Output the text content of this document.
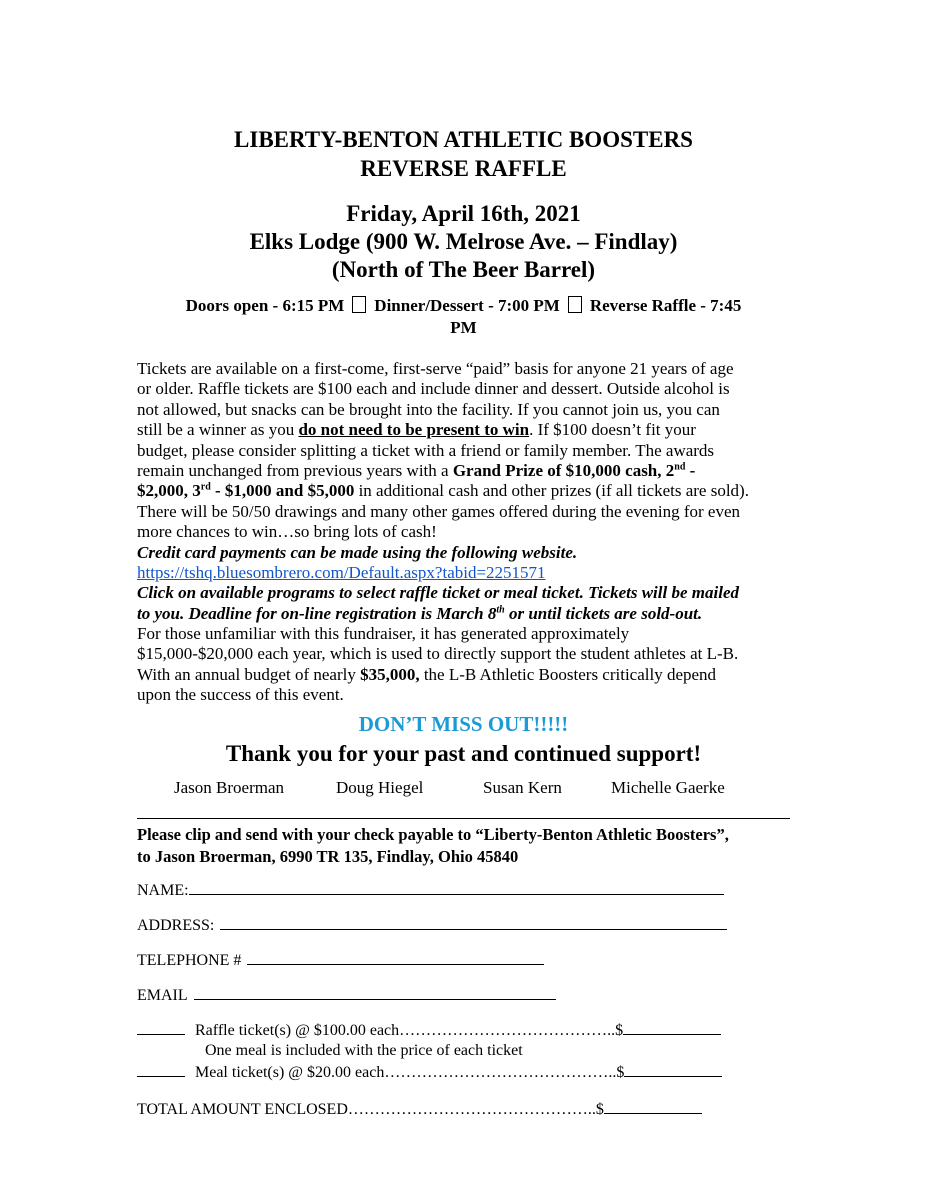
LIBERTY-BENTON ATHLETIC BOOSTERS
REVERSE RAFFLE
Friday, April 16th, 2021
Elks Lodge (900 W. Melrose Ave. – Findlay)
(North of The Beer Barrel)
Doors open - 6:15 PM Dinner/Dessert - 7:00 PM Reverse Raffle - 7:45
PM
Tickets are available on a first-come, first-serve “paid” basis for anyone 21 years of age
or older. Raffle tickets are $100 each and include dinner and dessert. Outside alcohol is
not allowed, but snacks can be brought into the facility. If you cannot join us, you can
still be a winner as you do not need to be present to win. If $100 doesn’t fit your
budget, please consider splitting a ticket with a friend or family member. The awards
remain unchanged from previous years with a Grand Prize of $10,000 cash, 2nd -
$2,000, 3rd - $1,000 and $5,000 in additional cash and other prizes (if all tickets are sold).
There will be 50/50 drawings and many other games offered during the evening for even
more chances to win…so bring lots of cash!
Credit card payments can be made using the following website.
https://tshq.bluesombrero.com/Default.aspx?tabid=2251571
Click on available programs to select raffle ticket or meal ticket. Tickets will be mailed
to you. Deadline for on-line registration is March 8th or until tickets are sold-out.
For those unfamiliar with this fundraiser, it has generated approximately
$15,000-$20,000 each year, which is used to directly support the student athletes at L-B.
With an annual budget of nearly $35,000, the L-B Athletic Boosters critically depend
upon the success of this event.
DON’T MISS OUT!!!!!
Thank you for your past and continued support!
Jason Broerman	Doug Hiegel	Susan Kern	Michelle Gaerke
Please clip and send with your check payable to “Liberty-Benton Athletic Boosters”,
to Jason Broerman, 6990 TR 135, Findlay, Ohio 45840
NAME:
ADDRESS:
TELEPHONE #
EMAIL
Raffle ticket(s) @ $100.00 each…………………………………..$
One meal is included with the price of each ticket
Meal ticket(s) @ $20.00 each……………………………………..$
TOTAL AMOUNT ENCLOSED………………………………………..$
